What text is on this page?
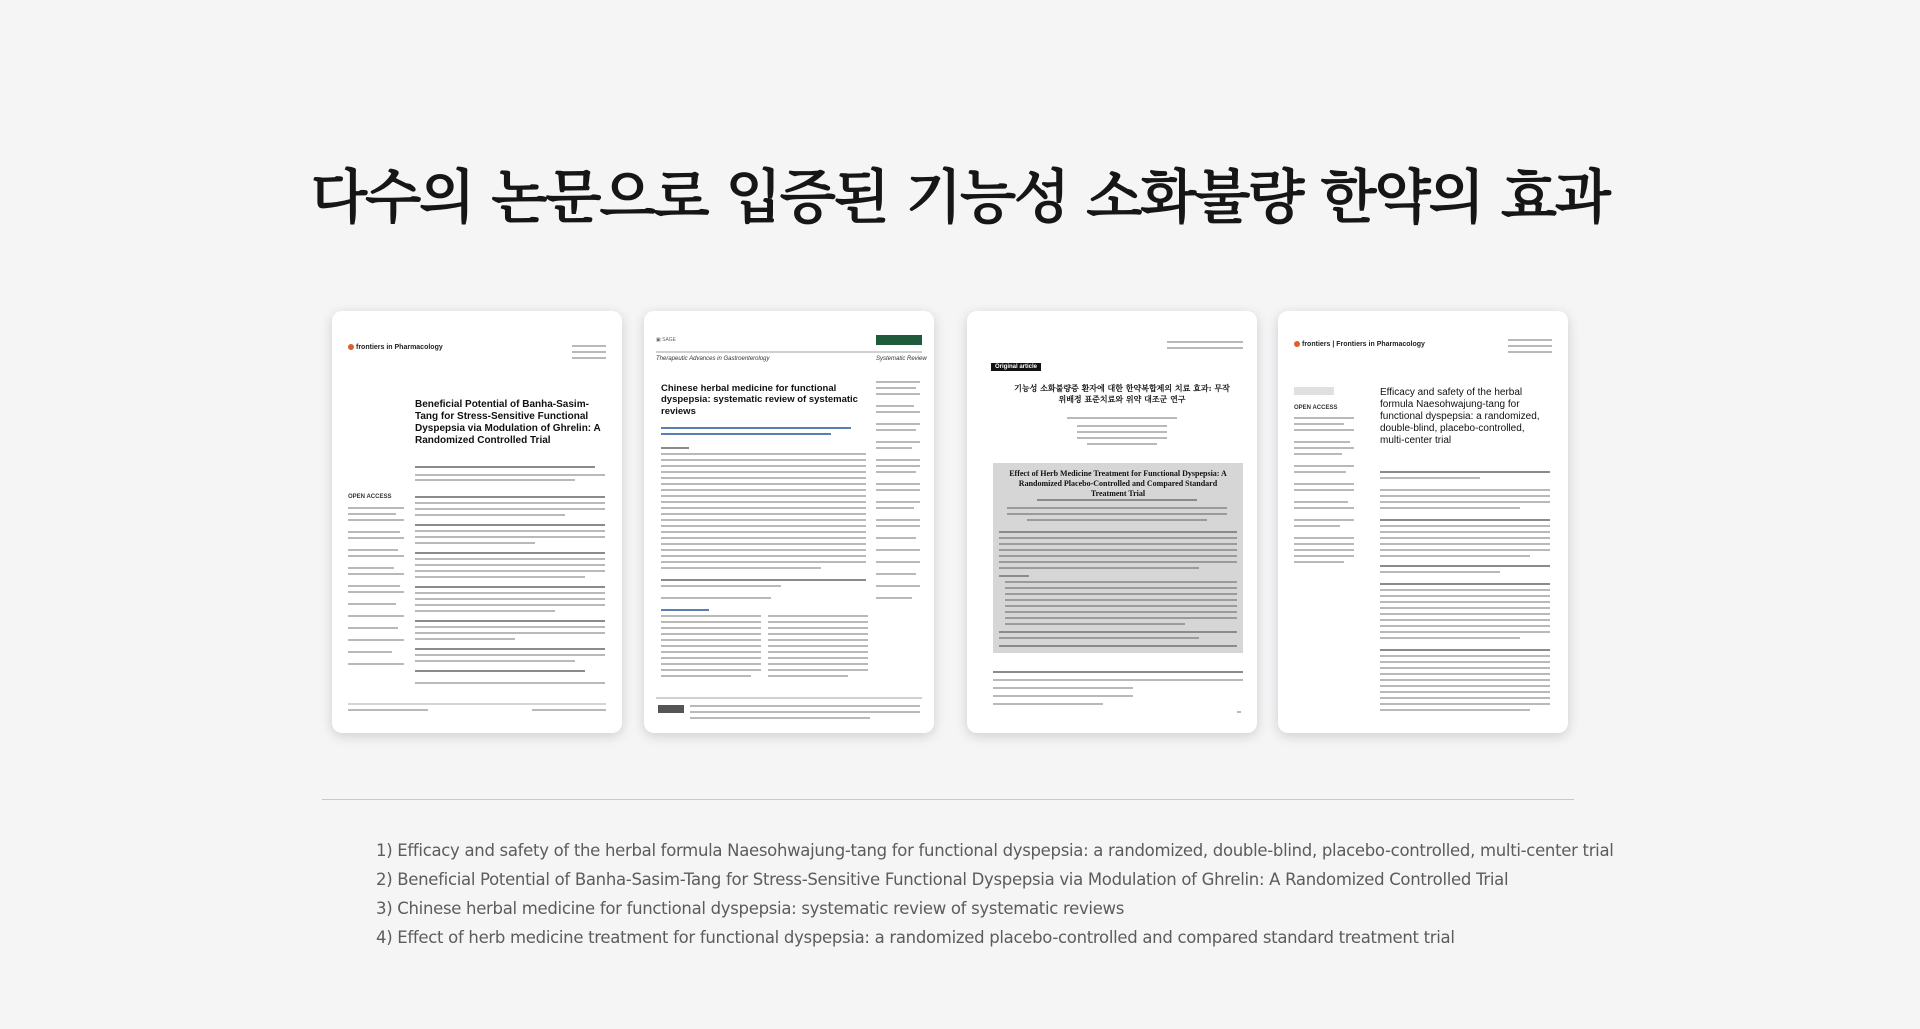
다수의 논문으로 입증된 기능성 소화불량 한약의 효과
frontiers in Pharmacology
Beneficial Potential of Banha-Sasim-Tang for Stress-Sensitive Functional Dyspepsia via Modulation of Ghrelin: A Randomized Controlled Trial
OPEN ACCESS
▣ SAGE
Therapeutic Advances in Gastroenterology	Systematic Review
Chinese herbal medicine for functional dyspepsia: systematic review of systematic reviews
Original article
기능성 소화불량증 환자에 대한 한약복합제의 치료 효과: 무작위배정 표준치료와 위약 대조군 연구
Effect of Herb Medicine Treatment for Functional Dyspepsia: A Randomized Placebo-Controlled and Compared Standard Treatment Trial
frontiers | Frontiers in Pharmacology
Efficacy and safety of the herbal formula Naesohwajung-tang for functional dyspepsia: a randomized, double-blind, placebo-controlled, multi-center trial
OPEN ACCESS
1) Efficacy and safety of the herbal formula Naesohwajung-tang for functional dyspepsia: a randomized, double-blind, placebo-controlled, multi-center trial
2) Beneficial Potential of Banha-Sasim-Tang for Stress-Sensitive Functional Dyspepsia via Modulation of Ghrelin: A Randomized Controlled Trial
3) Chinese herbal medicine for functional dyspepsia: systematic review of systematic reviews
4) Effect of herb medicine treatment for functional dyspepsia: a randomized placebo-controlled and compared standard treatment trial
